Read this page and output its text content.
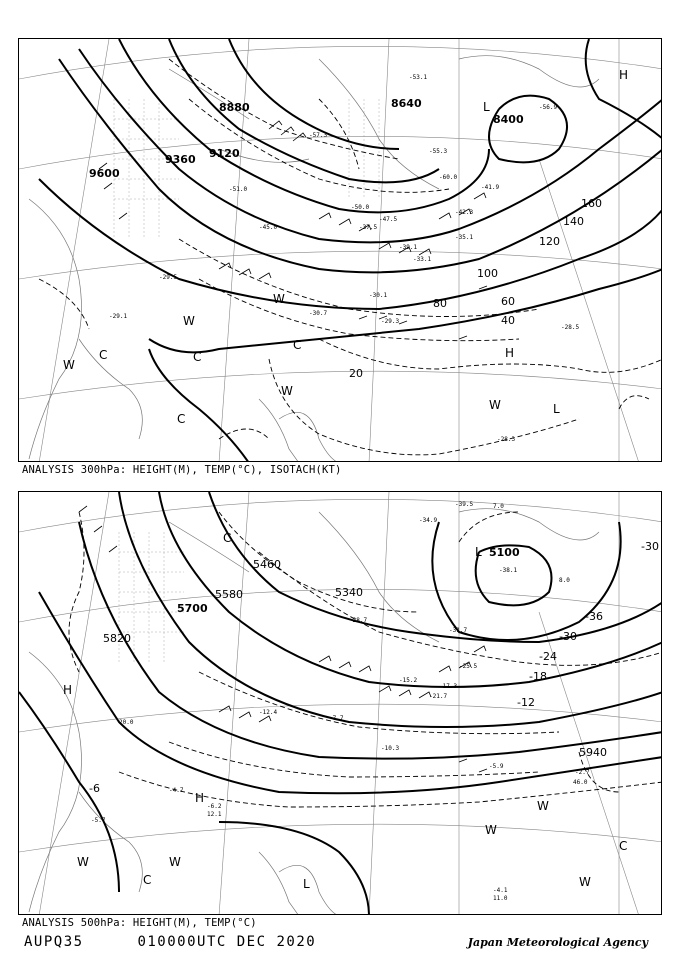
8400
8640
8880
9120
9360
9600
20
40
60
80
100
120
140
160
L
H
L
H
W
W
W
W
C	C
C
C
W
-29.1
-28.5
-28.3
-29.3
-29.5
-30.1
-30.7
-33.1
-35.1
-37.5
-41.9
-45.0
-50.0
-55.3
-57.3
-56.9
-60.0
-51.0
-53.1
-39.1
-42.3
-47.5
ANALYSIS 300hPa: HEIGHT(M), TEMP(°C), ISOTACH(KT)
5100
5340
5460
5580
5700
5820
5940
-30
-36
-30
-24
-18
-12
-6
L
H
H
L
W
W
W
W
W
C
C
C
-39.5
-38.1
-34.9
-31.7
-28.7
-25.5
-21.7
-17.3
-15.2
-12.4
-10.3
-7.7
-5.9
-5.7
-4.7
-4.1
-2.7
-6.2
7.0
8.0
12.1
11.0
20.0
46.0
ANALYSIS 500hPa: HEIGHT(M), TEMP(°C)
AUPQ35	010000UTC DEC 2020	Japan Meteorological Agency
